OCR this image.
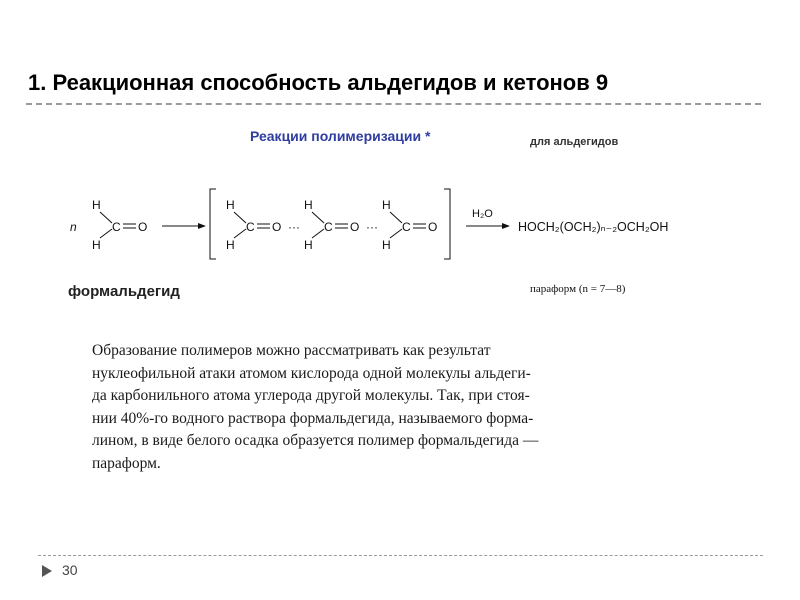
1. Реакционная способность альдегидов и кетонов 9
Реакции полимеризации *	для альдегидов
n
H
H
C O
H
H
C O ···
H
H
C O ···
H
H
C O
H₂O
HOCH₂(OCH₂)ₙ₋₂OCH₂OH
формальдегид	параформ (n = 7—8)
Образование полимеров можно рассматривать как результат
нуклеофильной атаки атомом кислорода одной молекулы альдеги-
да карбонильного атома углерода другой молекулы. Так, при стоя-
нии 40%-го водного раствора формальдегида, называемого форма-
лином, в виде белого осадка образуется полимер формальдегида —
параформ.
30
